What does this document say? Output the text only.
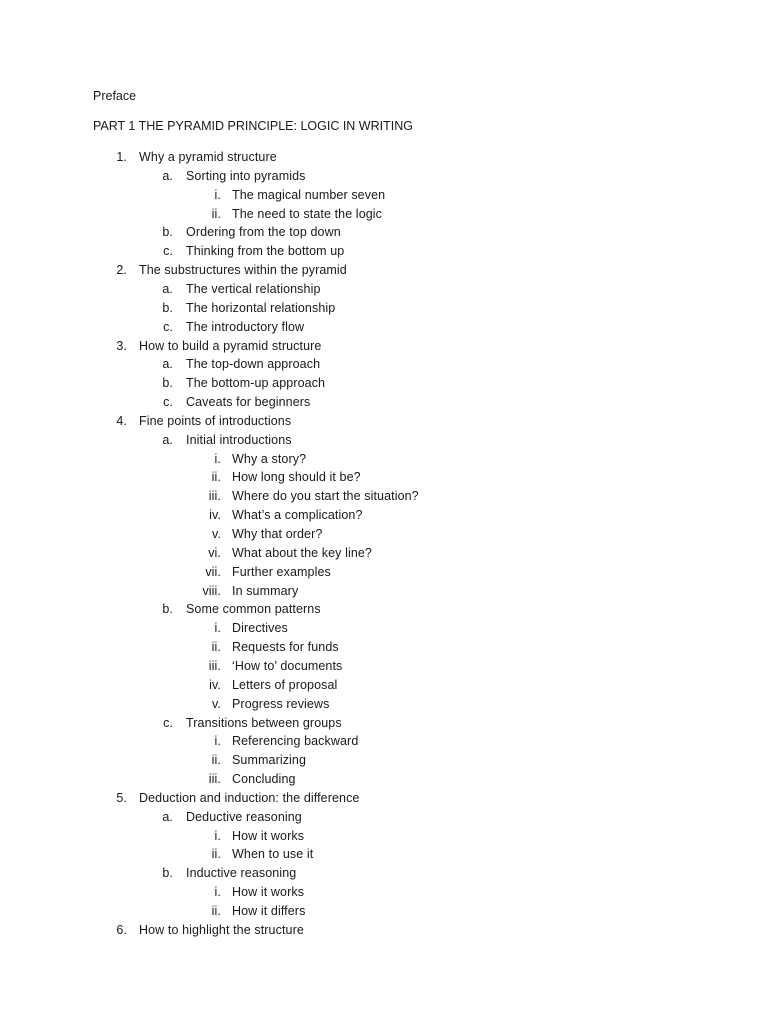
Preface
PART 1 THE PYRAMID PRINCIPLE: LOGIC IN WRITING
1. Why a pyramid structure
a. Sorting into pyramids
i. The magical number seven
ii. The need to state the logic
b. Ordering from the top down
c. Thinking from the bottom up
2. The substructures within the pyramid
a. The vertical relationship
b. The horizontal relationship
c. The introductory flow
3. How to build a pyramid structure
a. The top-down approach
b. The bottom-up approach
c. Caveats for beginners
4. Fine points of introductions
a. Initial introductions
i. Why a story?
ii. How long should it be?
iii. Where do you start the situation?
iv. What’s a complication?
v. Why that order?
vi. What about the key line?
vii. Further examples
viii. In summary
b. Some common patterns
i. Directives
ii. Requests for funds
iii. ‘How to’ documents
iv. Letters of proposal
v. Progress reviews
c. Transitions between groups
i. Referencing backward
ii. Summarizing
iii. Concluding
5. Deduction and induction: the difference
a. Deductive reasoning
i. How it works
ii. When to use it
b. Inductive reasoning
i. How it works
ii. How it differs
6. How to highlight the structure
